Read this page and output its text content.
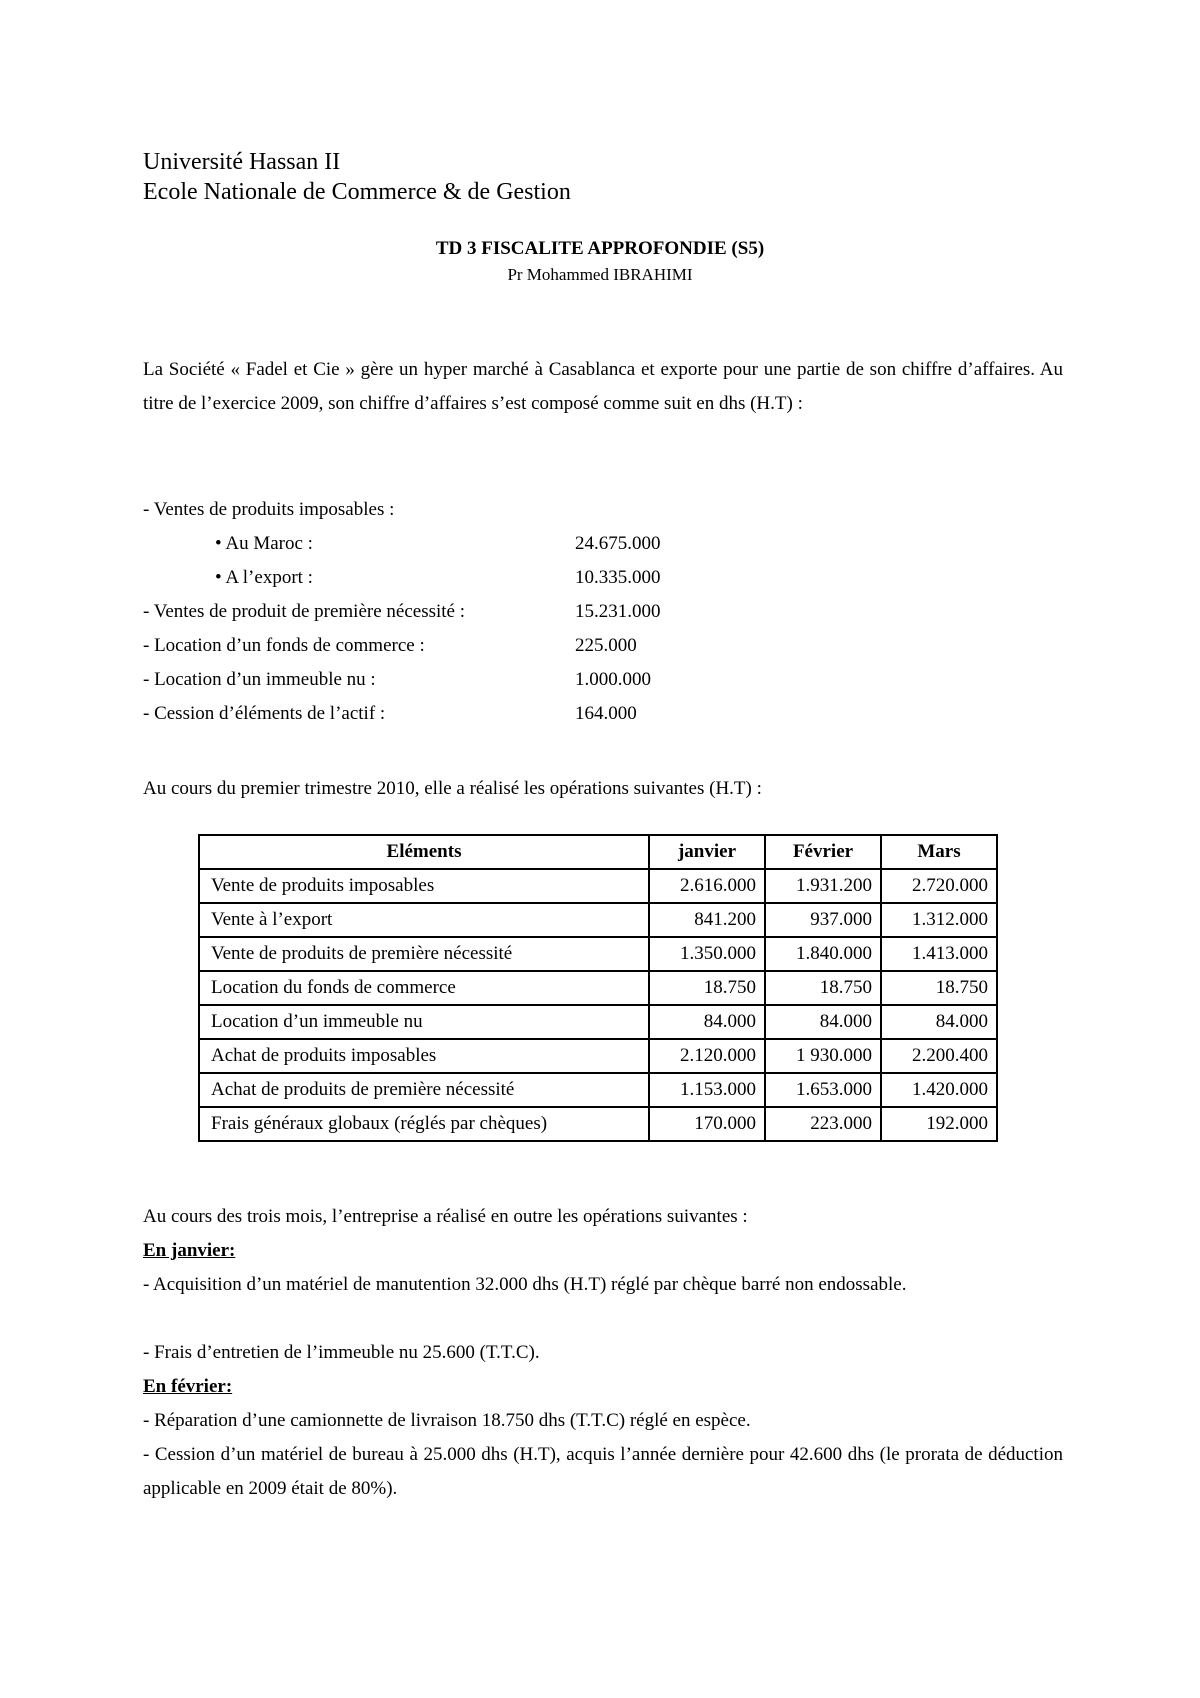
Université Hassan II
Ecole Nationale de Commerce & de Gestion
TD 3 FISCALITE APPROFONDIE (S5)
Pr Mohammed IBRAHIMI
La Société « Fadel et Cie » gère un hyper marché à Casablanca et exporte pour une partie de son chiffre d’affaires. Au titre de l’exercice 2009, son chiffre d’affaires s’est composé comme suit en dhs (H.T) :
- Ventes de produits imposables :
• Au Maroc :	24.675.000
• A l’export :	10.335.000
- Ventes de produit de première nécessité :	15.231.000
- Location d’un fonds de commerce :	225.000
- Location d’un immeuble nu :	1.000.000
- Cession d’éléments de l’actif :	164.000
Au cours du premier trimestre 2010, elle a réalisé les opérations suivantes (H.T) :
Eléments	janvier	Février	Mars
Vente de produits imposables	2.616.000	1.931.200	2.720.000
Vente à l’export	841.200	937.000	1.312.000
Vente de produits de première nécessité	1.350.000	1.840.000	1.413.000
Location du fonds de commerce	18.750	18.750	18.750
Location d’un immeuble nu	84.000	84.000	84.000
Achat de produits imposables	2.120.000	1 930.000	2.200.400
Achat de produits de première nécessité	1.153.000	1.653.000	1.420.000
Frais généraux globaux (réglés par chèques)	170.000	223.000	192.000
Au cours des trois mois, l’entreprise a réalisé en outre les opérations suivantes :
En janvier:
- Acquisition d’un matériel de manutention 32.000 dhs (H.T) réglé par chèque barré non endossable.
- Frais d’entretien de l’immeuble nu 25.600 (T.T.C).
En février:
- Réparation d’une camionnette de livraison 18.750 dhs (T.T.C) réglé en espèce.
- Cession d’un matériel de bureau à 25.000 dhs (H.T), acquis l’année dernière pour 42.600 dhs (le prorata de déduction applicable en 2009 était de 80%).
